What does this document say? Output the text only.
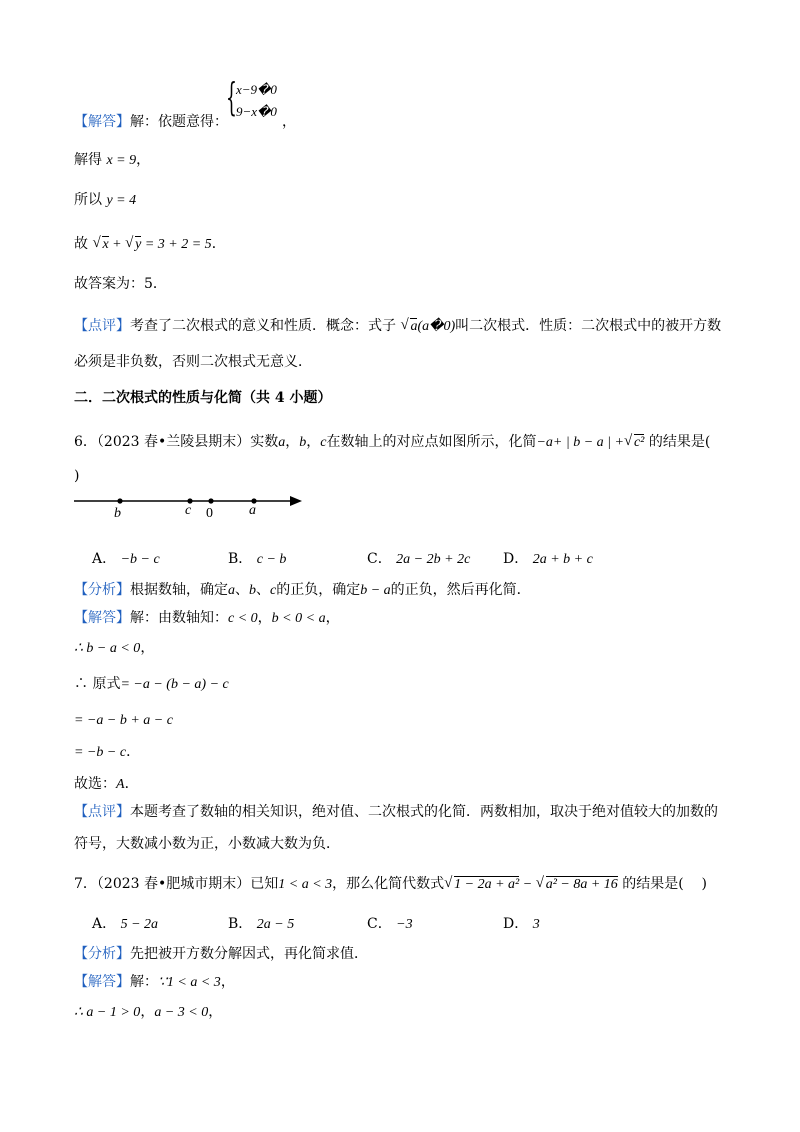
{ x−9�0
9−x�0
【解答】解：依题意得：	，
解得 x = 9，
所以 y = 4
故 √ x + √ y = 3 + 2 = 5．
故答案为：5．
【点评】考查了二次根式的意义和性质．概念：式子 √ a(a�0)叫二次根式．性质：二次根式中的被开方数
必须是非负数，否则二次根式无意义．
二．二次根式的性质与化简（共 4 小题）
6．（2023 春•兰陵县期末）实数a，b，c在数轴上的对应点如图所示，化简−a+ | b − a | + √ c² 的结果是(
)
b	c 0	a
A． −b − c	B． c − b	C． 2a − 2b + 2c D． 2a + b + c
【分析】根据数轴，确定a、b、c的正负，确定b − a的正负，然后再化简．
【解答】解：由数轴知：c < 0，b < 0 < a，
∴ b − a < 0，
∴ 原式= −a − (b − a) − c
= −a − b + a − c
= −b − c．
故选：A．
【点评】本题考查了数轴的相关知识，绝对值、二次根式的化简．两数相加，取决于绝对值较大的加数的
符号，大数减小数为正，小数减大数为负．
7．（2023 春•肥城市期末）已知1 < a < 3，那么化简代数式 √ 1 − 2a + a² − √ a² − 8a + 16 的结果是( )
A． 5 − 2a	B． 2a − 5	C． −3	D． 3
【分析】先把被开方数分解因式，再化简求值．
【解答】解：∵1 < a < 3，
∴ a − 1 > 0，a − 3 < 0，
